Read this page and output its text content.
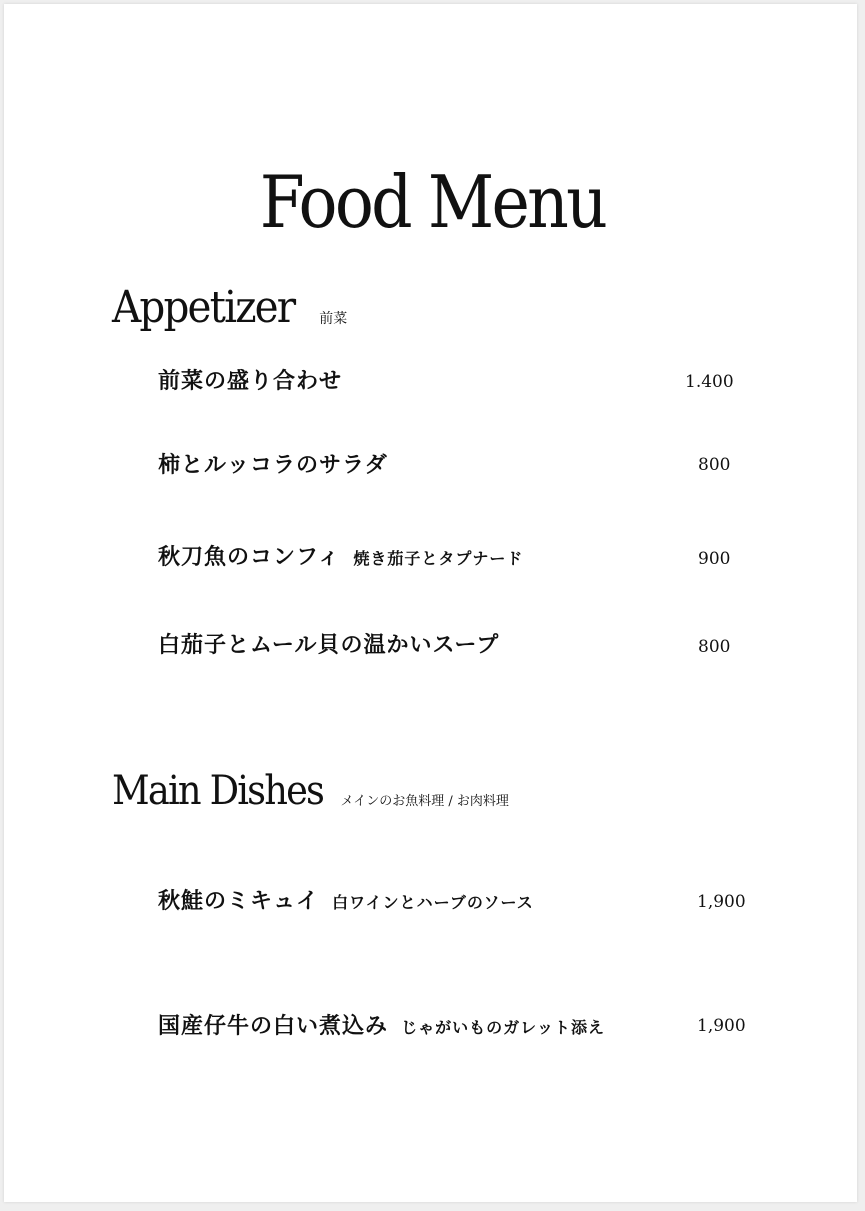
Food Menu
Appetizer 前菜
前菜の盛り合わせ	1.400
柿とルッコラのサラダ	800
秋刀魚のコンフィ 焼き茄子とタプナード	900
白茄子とムール貝の温かいスープ	800
Main Dishes メインのお魚料理 / お肉料理
秋鮭のミキュイ 白ワインとハーブのソース	1,900
国産仔牛の白い煮込み じゃがいものガレット添え	1,900
